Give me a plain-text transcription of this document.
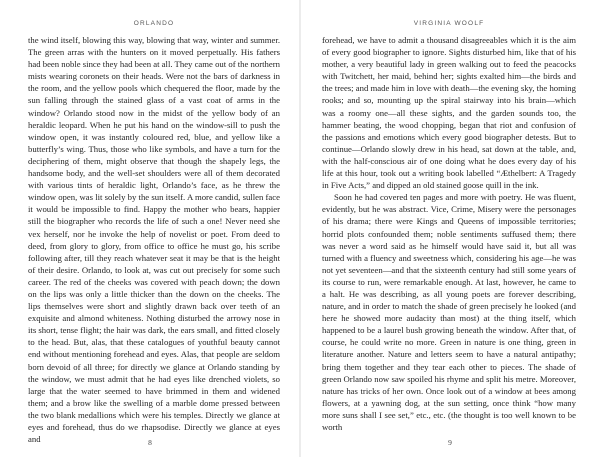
ORLANDO

the wind itself, blowing this way, blowing that way, winter and summer. The green arras with the hunters on it moved perpetually. His fathers had been noble since they had been at all. They came out of the northern mists wearing coronets on their heads. Were not the bars of darkness in the room, and the yellow pools which chequered the floor, made by the sun falling through the stained glass of a vast coat of arms in the window? Orlando stood now in the midst of the yellow body of an heraldic leopard. When he put his hand on the window-sill to push the window open, it was instantly coloured red, blue, and yellow like a butterfly’s wing. Thus, those who like symbols, and have a turn for the deciphering of them, might observe that though the shapely legs, the handsome body, and the well-set shoulders were all of them decorated with various tints of heraldic light, Orlando’s face, as he threw the window open, was lit solely by the sun itself. A more candid, sullen face it would be impossible to find. Happy the mother who bears, happier still the biographer who records the life of such a one! Never need she vex herself, nor he invoke the help of novelist or poet. From deed to deed, from glory to glory, from office to office he must go, his scribe following after, till they reach whatever seat it may be that is the height of their desire. Orlando, to look at, was cut out precisely for some such career. The red of the cheeks was covered with peach down; the down on the lips was only a little thicker than the down on the cheeks. The lips themselves were short and slightly drawn back over teeth of an exquisite and almond whiteness. Nothing disturbed the arrowy nose in its short, tense flight; the hair was dark, the ears small, and fitted closely to the head. But, alas, that these catalogues of youthful beauty cannot end without mentioning forehead and eyes. Alas, that people are seldom born devoid of all three; for directly we glance at Orlando standing by the window, we must admit that he had eyes like drenched violets, so large that the water seemed to have brimmed in them and widened them; and a brow like the swelling of a marble dome pressed between the two blank medallions which were his temples. Directly we glance at eyes and forehead, thus do we rhapsodise. Directly we glance at eyes and	8
VIRGINIA WOOLF

forehead, we have to admit a thousand disagreeables which it is the aim of every good biographer to ignore. Sights disturbed him, like that of his mother, a very beautiful lady in green walking out to feed the peacocks with Twitchett, her maid, behind her; sights exalted him—the birds and the trees; and made him in love with death—the evening sky, the homing rooks; and so, mounting up the spiral stairway into his brain—which was a roomy one—all these sights, and the garden sounds too, the hammer beating, the wood chopping, began that riot and confusion of the passions and emotions which every good biographer detests. But to continue—Orlando slowly drew in his head, sat down at the table, and, with the half-conscious air of one doing what he does every day of his life at this hour, took out a writing book labelled “Æthelbert: A Tragedy in Five Acts,” and dipped an old stained goose quill in the ink.

Soon he had covered ten pages and more with poetry. He was fluent, evidently, but he was abstract. Vice, Crime, Misery were the personages of his drama; there were Kings and Queens of impossible territories; horrid plots confounded them; noble sentiments suffused them; there was never a word said as he himself would have said it, but all was turned with a fluency and sweetness which, considering his age—he was not yet seventeen—and that the sixteenth century had still some years of its course to run, were remarkable enough. At last, however, he came to a halt. He was describing, as all young poets are forever describing, nature, and in order to match the shade of green precisely he looked (and here he showed more audacity than most) at the thing itself, which happened to be a laurel bush growing beneath the window. After that, of course, he could write no more. Green in nature is one thing, green in literature another. Nature and letters seem to have a natural antipathy; bring them together and they tear each other to pieces. The shade of green Orlando now saw spoiled his rhyme and split his metre. Moreover, nature has tricks of her own. Once look out of a window at bees among flowers, at a yawning dog, at the sun setting, once think “how many more suns shall I see set,” etc., etc. (the thought is too well known to be worth

9
